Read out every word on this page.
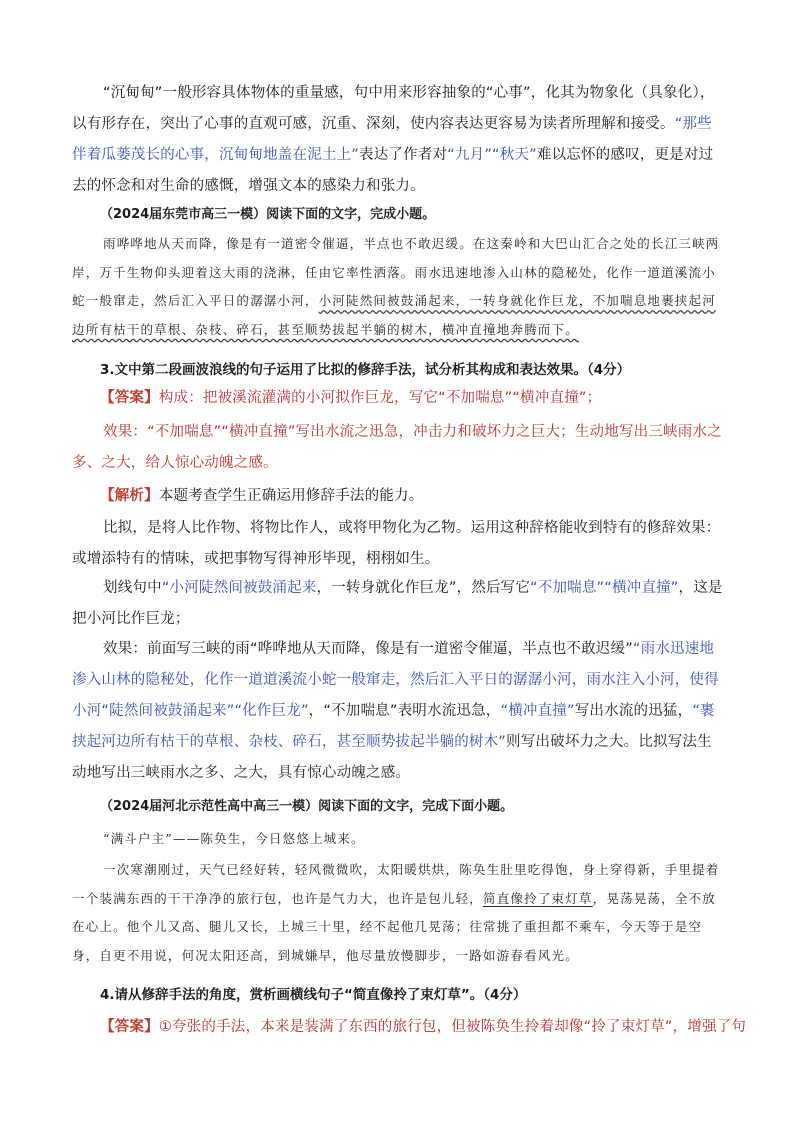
“沉甸甸”一般形容具体物体的重量感，句中用来形容抽象的“心事”，化其为物象化（具象化），以有形存在，突出了心事的直观可感，沉重、深刻，使内容表达更容易为读者所理解和接受。“那些伴着瓜蒌茂长的心事，沉甸甸地盖在泥土上”表达了作者对“九月”“秋天”难以忘怀的感叹，更是对过去的怀念和对生命的感慨，增强文本的感染力和张力。

（2024届东莞市高三一模）阅读下面的文字，完成小题。

雨哗哗地从天而降，像是有一道密令催逼，半点也不敢迟缓。在这秦岭和大巴山汇合之处的长江三峡两岸，万千生物仰头迎着这大雨的浇淋，任由它率性洒落。雨水迅速地渗入山林的隐秘处，化作一道道溪流小蛇一般窜走，然后汇入平日的潺潺小河，小河陡然间被鼓涌起来，一转身就化作巨龙，不加喘息地裹挟起河边所有枯干的草根、杂枝、碎石，甚至顺势拔起半躺的树木，横冲直撞地奔腾而下。

3.文中第二段画波浪线的句子运用了比拟的修辞手法，试分析其构成和表达效果。（4分）

【答案】构成：把被溪流灌满的小河拟作巨龙，写它“不加喘息”“横冲直撞”；

效果：“不加喘息”“横冲直撞”写出水流之迅急，冲击力和破坏力之巨大；生动地写出三峡雨水之多、之大，给人惊心动魄之感。

【解析】本题考查学生正确运用修辞手法的能力。

比拟，是将人比作物、将物比作人，或将甲物化为乙物。运用这种辞格能收到特有的修辞效果：或增添特有的情味，或把事物写得神形毕现，栩栩如生。

划线句中“小河陡然间被鼓涌起来，一转身就化作巨龙”，然后写它“不加喘息”“横冲直撞”，这是把小河比作巨龙；

效果：前面写三峡的雨“哗哗地从天而降，像是有一道密令催逼，半点也不敢迟缓”“雨水迅速地渗入山林的隐秘处，化作一道道溪流小蛇一般窜走，然后汇入平日的潺潺小河，雨水注入小河，使得小河“陡然间被鼓涌起来”“化作巨龙”，“不加喘息”表明水流迅急，“横冲直撞”写出水流的迅猛，“裹挟起河边所有枯干的草根、杂枝、碎石，甚至顺势拔起半躺的树木”则写出破坏力之大。比拟写法生动地写出三峡雨水之多、之大，具有惊心动魄之感。

（2024届河北示范性高中高三一模）阅读下面的文字，完成下面小题。

“满斗户主”——陈奂生，今日悠悠上城来。

一次寒潮刚过，天气已经好转，轻风微微吹，太阳暖烘烘，陈奂生肚里吃得饱，身上穿得新，手里提着一个装满东西的干干净净的旅行包，也许是气力大，也许是包儿轻，简直像拎了束灯草，晃荡晃荡，全不放在心上。他个儿又高、腿儿又长，上城三十里，经不起他几晃荡；往常挑了重担都不乘车，今天等于是空身，自更不用说，何况太阳还高，到城嫌早，他尽量放慢脚步，一路如游春看风光。

4.请从修辞手法的角度，赏析画横线句子“简直像拎了束灯草”。（4分）

【答案】①夸张的手法，本来是装满了东西的旅行包，但被陈奂生拎着却像“拎了束灯草”，增强了句
